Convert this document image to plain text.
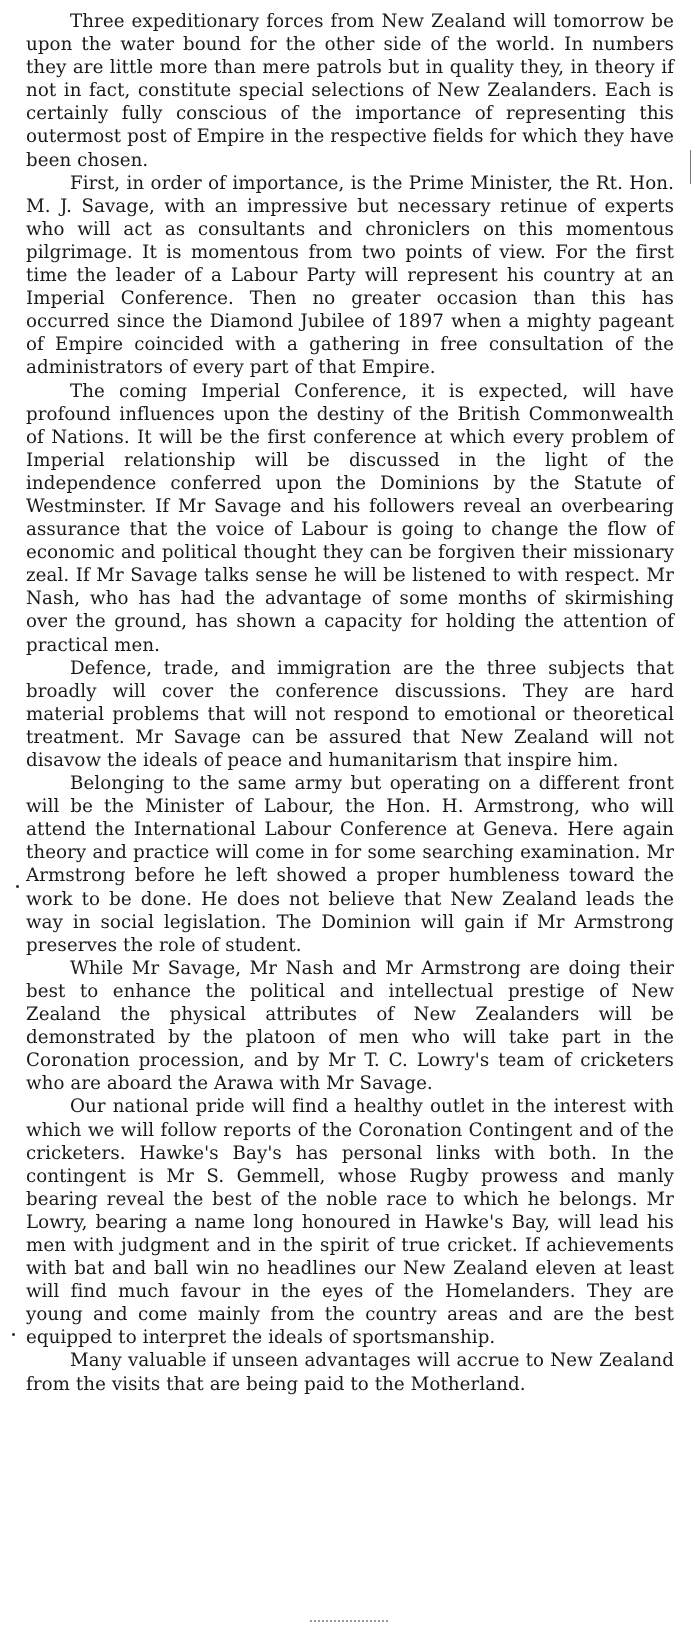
Three expeditionary forces from New Zealand will tomorrow be upon the water bound for the other side of the world. In numbers they are little more than mere patrols but in quality they, in theory if not in fact, constitute special selections of New Zealanders. Each is certainly fully conscious of the importance of representing this outermost post of Empire in the respective fields for which they have been chosen.

First, in order of importance, is the Prime Minister, the Rt. Hon. M. J. Savage, with an impressive but necessary retinue of experts who will act as consultants and chroniclers on this momentous pilgrimage. It is momentous from two points of view. For the first time the leader of a Labour Party will represent his country at an Imperial Conference. Then no greater occasion than this has occurred since the Diamond Jubilee of 1897 when a mighty pageant of Empire coincided with a gathering in free consultation of the administrators of every part of that Empire.

The coming Imperial Conference, it is expected, will have profound influences upon the destiny of the British Commonwealth of Nations. It will be the first conference at which every problem of Imperial relationship will be discussed in the light of the independence conferred upon the Dominions by the Statute of Westminster. If Mr Savage and his followers reveal an overbearing assurance that the voice of Labour is going to change the flow of economic and political thought they can be forgiven their missionary zeal. If Mr Savage talks sense he will be listened to with respect. Mr Nash, who has had the advantage of some months of skirmishing over the ground, has shown a capacity for holding the attention of practical men.

Defence, trade, and immigration are the three subjects that broadly will cover the conference discussions. They are hard material problems that will not respond to emotional or theoretical treatment. Mr Savage can be assured that New Zealand will not disavow the ideals of peace and humanitarism that inspire him.

Belonging to the same army but operating on a different front will be the Minister of Labour, the Hon. H. Armstrong, who will attend the International Labour Conference at Geneva. Here again theory and practice will come in for some searching examination. Mr Armstrong before he left showed a proper humbleness toward the work to be done. He does not believe that New Zealand leads the way in social legislation. The Dominion will gain if Mr Armstrong preserves the role of student.

While Mr Savage, Mr Nash and Mr Armstrong are doing their best to enhance the political and intellectual prestige of New Zealand the physical attributes of New Zealanders will be demonstrated by the platoon of men who will take part in the Coronation procession, and by Mr T. C. Lowry's team of cricketers who are aboard the Arawa with Mr Savage.

Our national pride will find a healthy outlet in the interest with which we will follow reports of the Coronation Contingent and of the cricketers. Hawke's Bay's has personal links with both. In the contingent is Mr S. Gemmell, whose Rugby prowess and manly bearing reveal the best of the noble race to which he belongs. Mr Lowry, bearing a name long honoured in Hawke's Bay, will lead his men with judgment and in the spirit of true cricket. If achievements with bat and ball win no headlines our New Zealand eleven at least will find much favour in the eyes of the Homelanders. They are young and come mainly from the country areas and are the best equipped to interpret the ideals of sportsmanship.

Many valuable if unseen advantages will accrue to New Zealand from the visits that are being paid to the Motherland.
